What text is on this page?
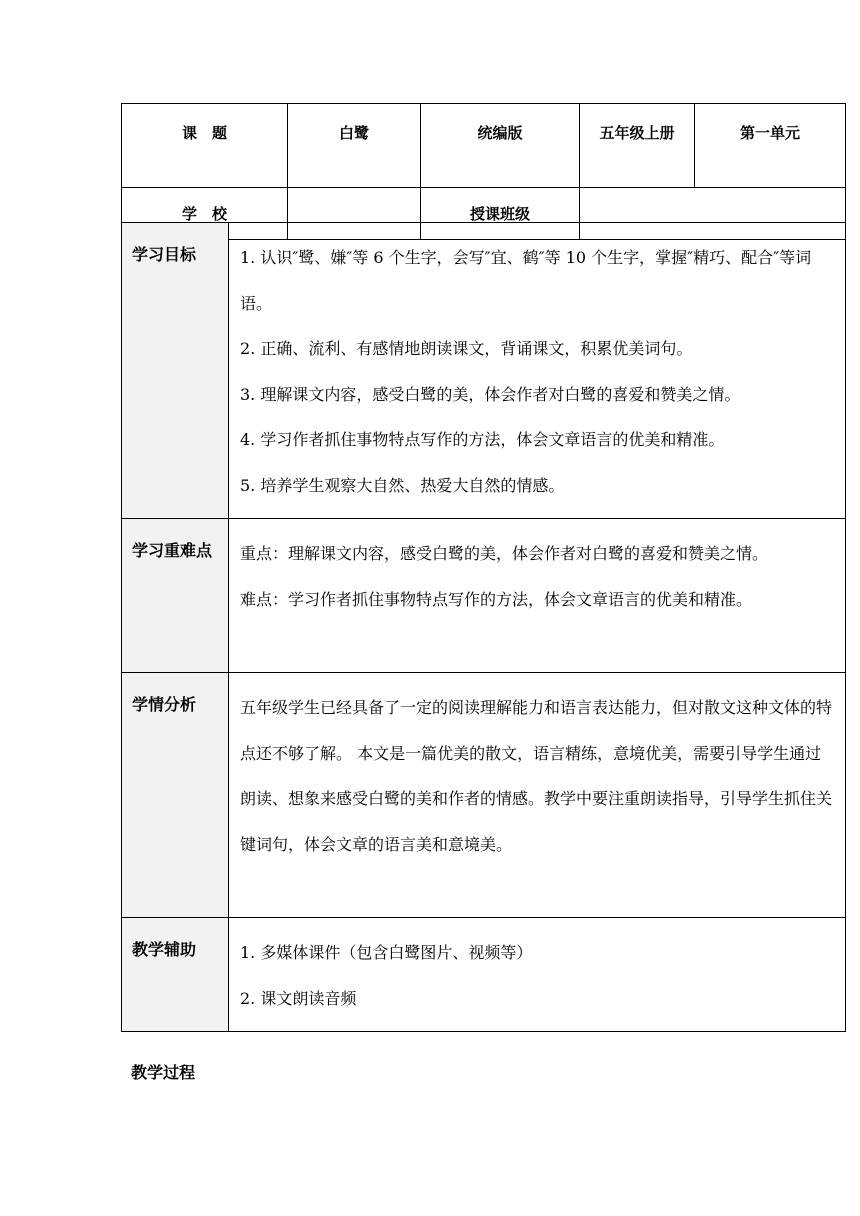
课　题	白鹭	统编版	五年级上册	第一单元
学　校		授课班级		
学习目标	1. 认识″鹭、嫌″等 6 个生字，会写″宜、鹤″等 10 个生字，掌握″精巧、配合″等词语。

2. 正确、流利、有感情地朗读课文，背诵课文，积累优美词句。

3. 理解课文内容，感受白鹭的美，体会作者对白鹭的喜爱和赞美之情。

4. 学习作者抓住事物特点写作的方法，体会文章语言的优美和精准。

5. 培养学生观察大自然、热爱大自然的情感。

学习重难点	重点：理解课文内容，感受白鹭的美，体会作者对白鹭的喜爱和赞美之情。

难点：学习作者抓住事物特点写作的方法，体会文章语言的优美和精准。

学情分析	五年级学生已经具备了一定的阅读理解能力和语言表达能力，但对散文这种文体的特点还不够了解。 本文是一篇优美的散文，语言精练，意境优美，需要引导学生通过朗读、想象来感受白鹭的美和作者的情感。教学中要注重朗读指导，引导学生抓住关键词句，体会文章的语言美和意境美。

教学辅助	1. 多媒体课件（包含白鹭图片、视频等）

2. 课文朗读音频

教学过程
